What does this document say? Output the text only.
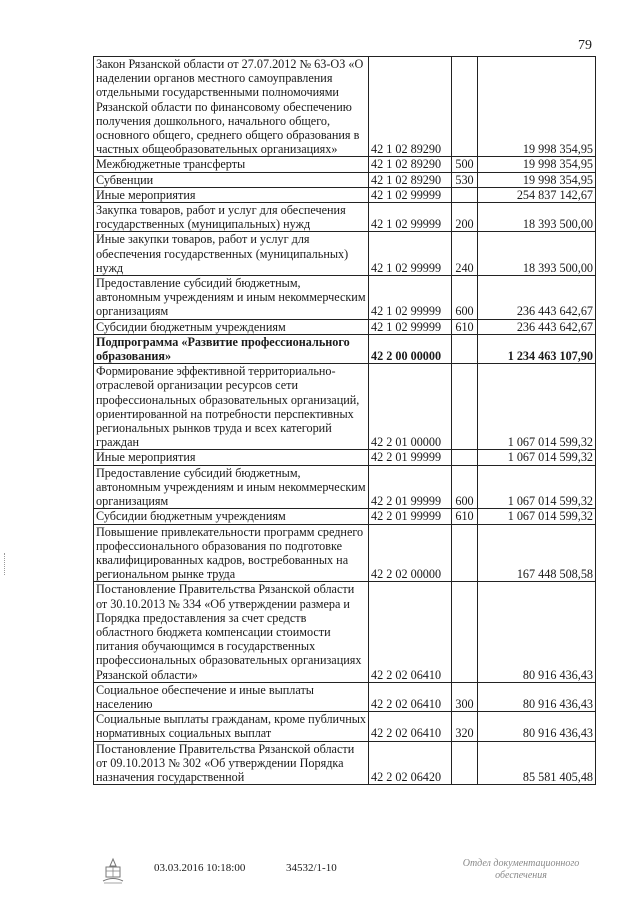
79
Закон Рязанской области от 27.07.2012 № 63-ОЗ «О наделении органов местного самоуправления отдельными государственными полномочиями Рязанской области по финансовому обеспечению получения дошкольного, начального общего, основного общего, среднего общего образования в частных общеобразовательных организациях»	42 1 02 89290		19 998 354,95
Межбюджетные трансферты	42 1 02 89290	500	19 998 354,95
Субвенции	42 1 02 89290	530	19 998 354,95
Иные мероприятия	42 1 02 99999		254 837 142,67
Закупка товаров, работ и услуг для обеспечения государственных (муниципальных) нужд	42 1 02 99999	200	18 393 500,00
Иные закупки товаров, работ и услуг для обеспечения государственных (муниципальных) нужд	42 1 02 99999	240	18 393 500,00
Предоставление субсидий бюджетным, автономным учреждениям и иным некоммерческим организациям	42 1 02 99999	600	236 443 642,67
Субсидии бюджетным учреждениям	42 1 02 99999	610	236 443 642,67
Подпрограмма «Развитие профессионального образования»	42 2 00 00000		1 234 463 107,90
Формирование эффективной территориально-отраслевой организации ресурсов сети профессиональных образовательных организаций, ориентированной на потребности перспективных региональных рынков труда и всех категорий граждан	42 2 01 00000		1 067 014 599,32
Иные мероприятия	42 2 01 99999		1 067 014 599,32
Предоставление субсидий бюджетным, автономным учреждениям и иным некоммерческим организациям	42 2 01 99999	600	1 067 014 599,32
Субсидии бюджетным учреждениям	42 2 01 99999	610	1 067 014 599,32
Повышение привлекательности программ среднего профессионального образования по подготовке квалифицированных кадров, востребованных на региональном рынке труда	42 2 02 00000		167 448 508,58
Постановление Правительства Рязанской области от 30.10.2013 № 334 «Об утверждении размера и Порядка предоставления за счет средств областного бюджета компенсации стоимости питания обучающимся в государственных профессиональных образовательных организациях Рязанской области»	42 2 02 06410		80 916 436,43
Социальное обеспечение и иные выплаты населению	42 2 02 06410	300	80 916 436,43
Социальные выплаты гражданам, кроме публичных нормативных социальных выплат	42 2 02 06410	320	80 916 436,43
Постановление Правительства Рязанской области от 09.10.2013 № 302 «Об утверждении Порядка назначения государственной	42 2 02 06420		85 581 405,48
03.03.2016 10:18:00	34532/1-10	Отдел документационного
обеспечения
